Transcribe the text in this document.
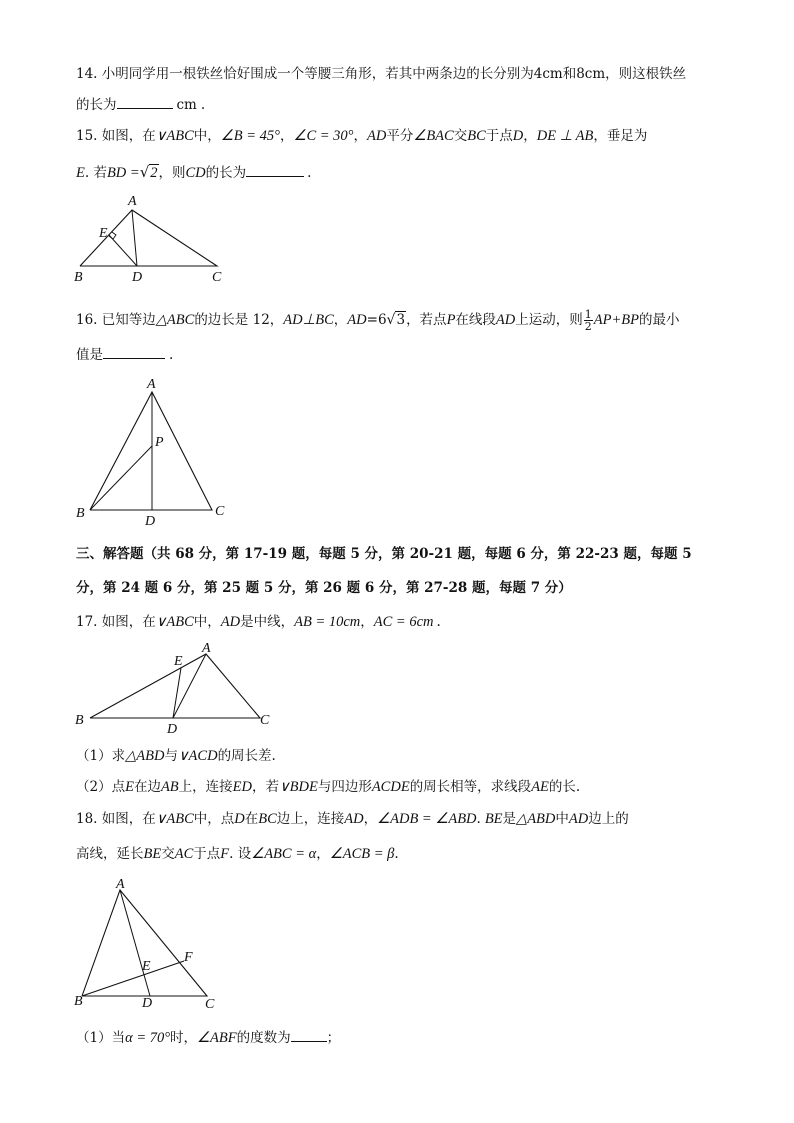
14. 小明同学用一根铁丝恰好围成一个等腰三角形，若其中两条边的长分别为4cm和8cm，则这根铁丝
的长为	cm .
15. 如图，在∨ABC中，∠B = 45°，∠C = 30°，AD平分∠BAC交BC于点D，DE ⊥ AB，垂足为
E. 若BD =√2，则CD的长为	.
A
E
B	D	C
16. 已知等边△ABC的边长是 12，AD⊥BC，AD=6√3，若点P在线段AD上运动，则 $\frac{1}{2} AP+BP$的最小
值是	.
A
P
B
D
C
三、解答题（共 68 分，第 17-19 题，每题 5 分，第 20-21 题，每题 6 分，第 22-23 题，每题 5
分，第 24 题 6 分，第 25 题 5 分，第 26 题 6 分，第 27-28 题，每题 7 分）
17. 如图，在∨ABC中，AD是中线，AB = 10cm，AC = 6cm .
A
E
B
D
C
（1）求△ABD与∨ACD的周长差.
（2）点E在边AB上，连接ED，若∨BDE与四边形ACDE的周长相等，求线段AE的长.
18. 如图，在∨ABC中，点D在BC边上，连接AD，∠ADB = ∠ABD. BE是△ABD中AD边上的
高线，延长BE交AC于点F. 设∠ABC = α，∠ACB = β.
A
F
E
B	D	C
（1）当α = 70°时，∠ABF的度数为	；
